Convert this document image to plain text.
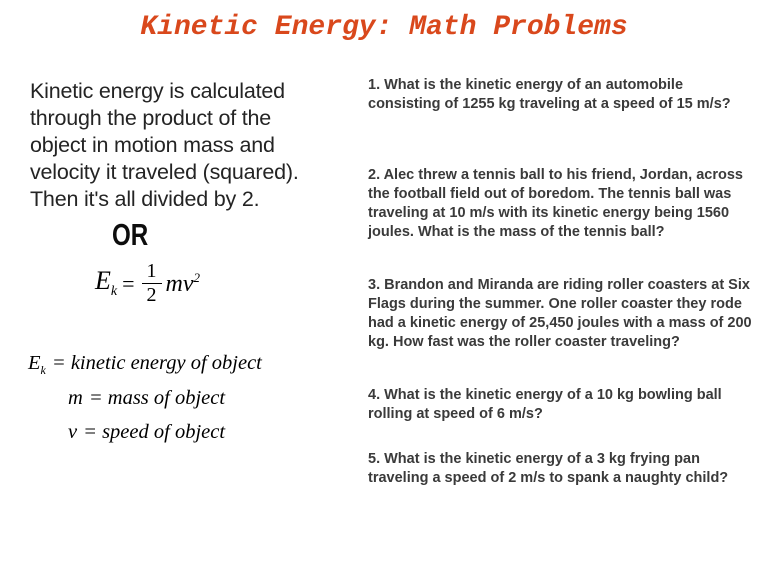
Kinetic Energy: Math Problems

Kinetic energy is calculated
through the product of the
object in motion mass and
velocity it traveled (squared).
Then it's all divided by 2.

OR
$E_k = \frac{1}{2} mv^2$
$E_k$ = kinetic energy of object
m = mass of object
v = speed of object

1. What is the kinetic energy of an automobile consisting of 1255 kg traveling at a speed of 15 m/s?

2. Alec threw a tennis ball to his friend, Jordan, across the football field out of boredom. The tennis ball was traveling at 10 m/s with its kinetic energy being 1560 joules. What is the mass of the tennis ball?

3. Brandon and Miranda are riding roller coasters at Six Flags during the summer. One roller coaster they rode had a kinetic energy of 25,450 joules with a mass of 200 kg. How fast was the roller coaster traveling?

4. What is the kinetic energy of a 10 kg bowling ball rolling at speed of 6 m/s?

5. What is the kinetic energy of a 3 kg frying pan traveling a speed of 2 m/s to spank a naughty child?
